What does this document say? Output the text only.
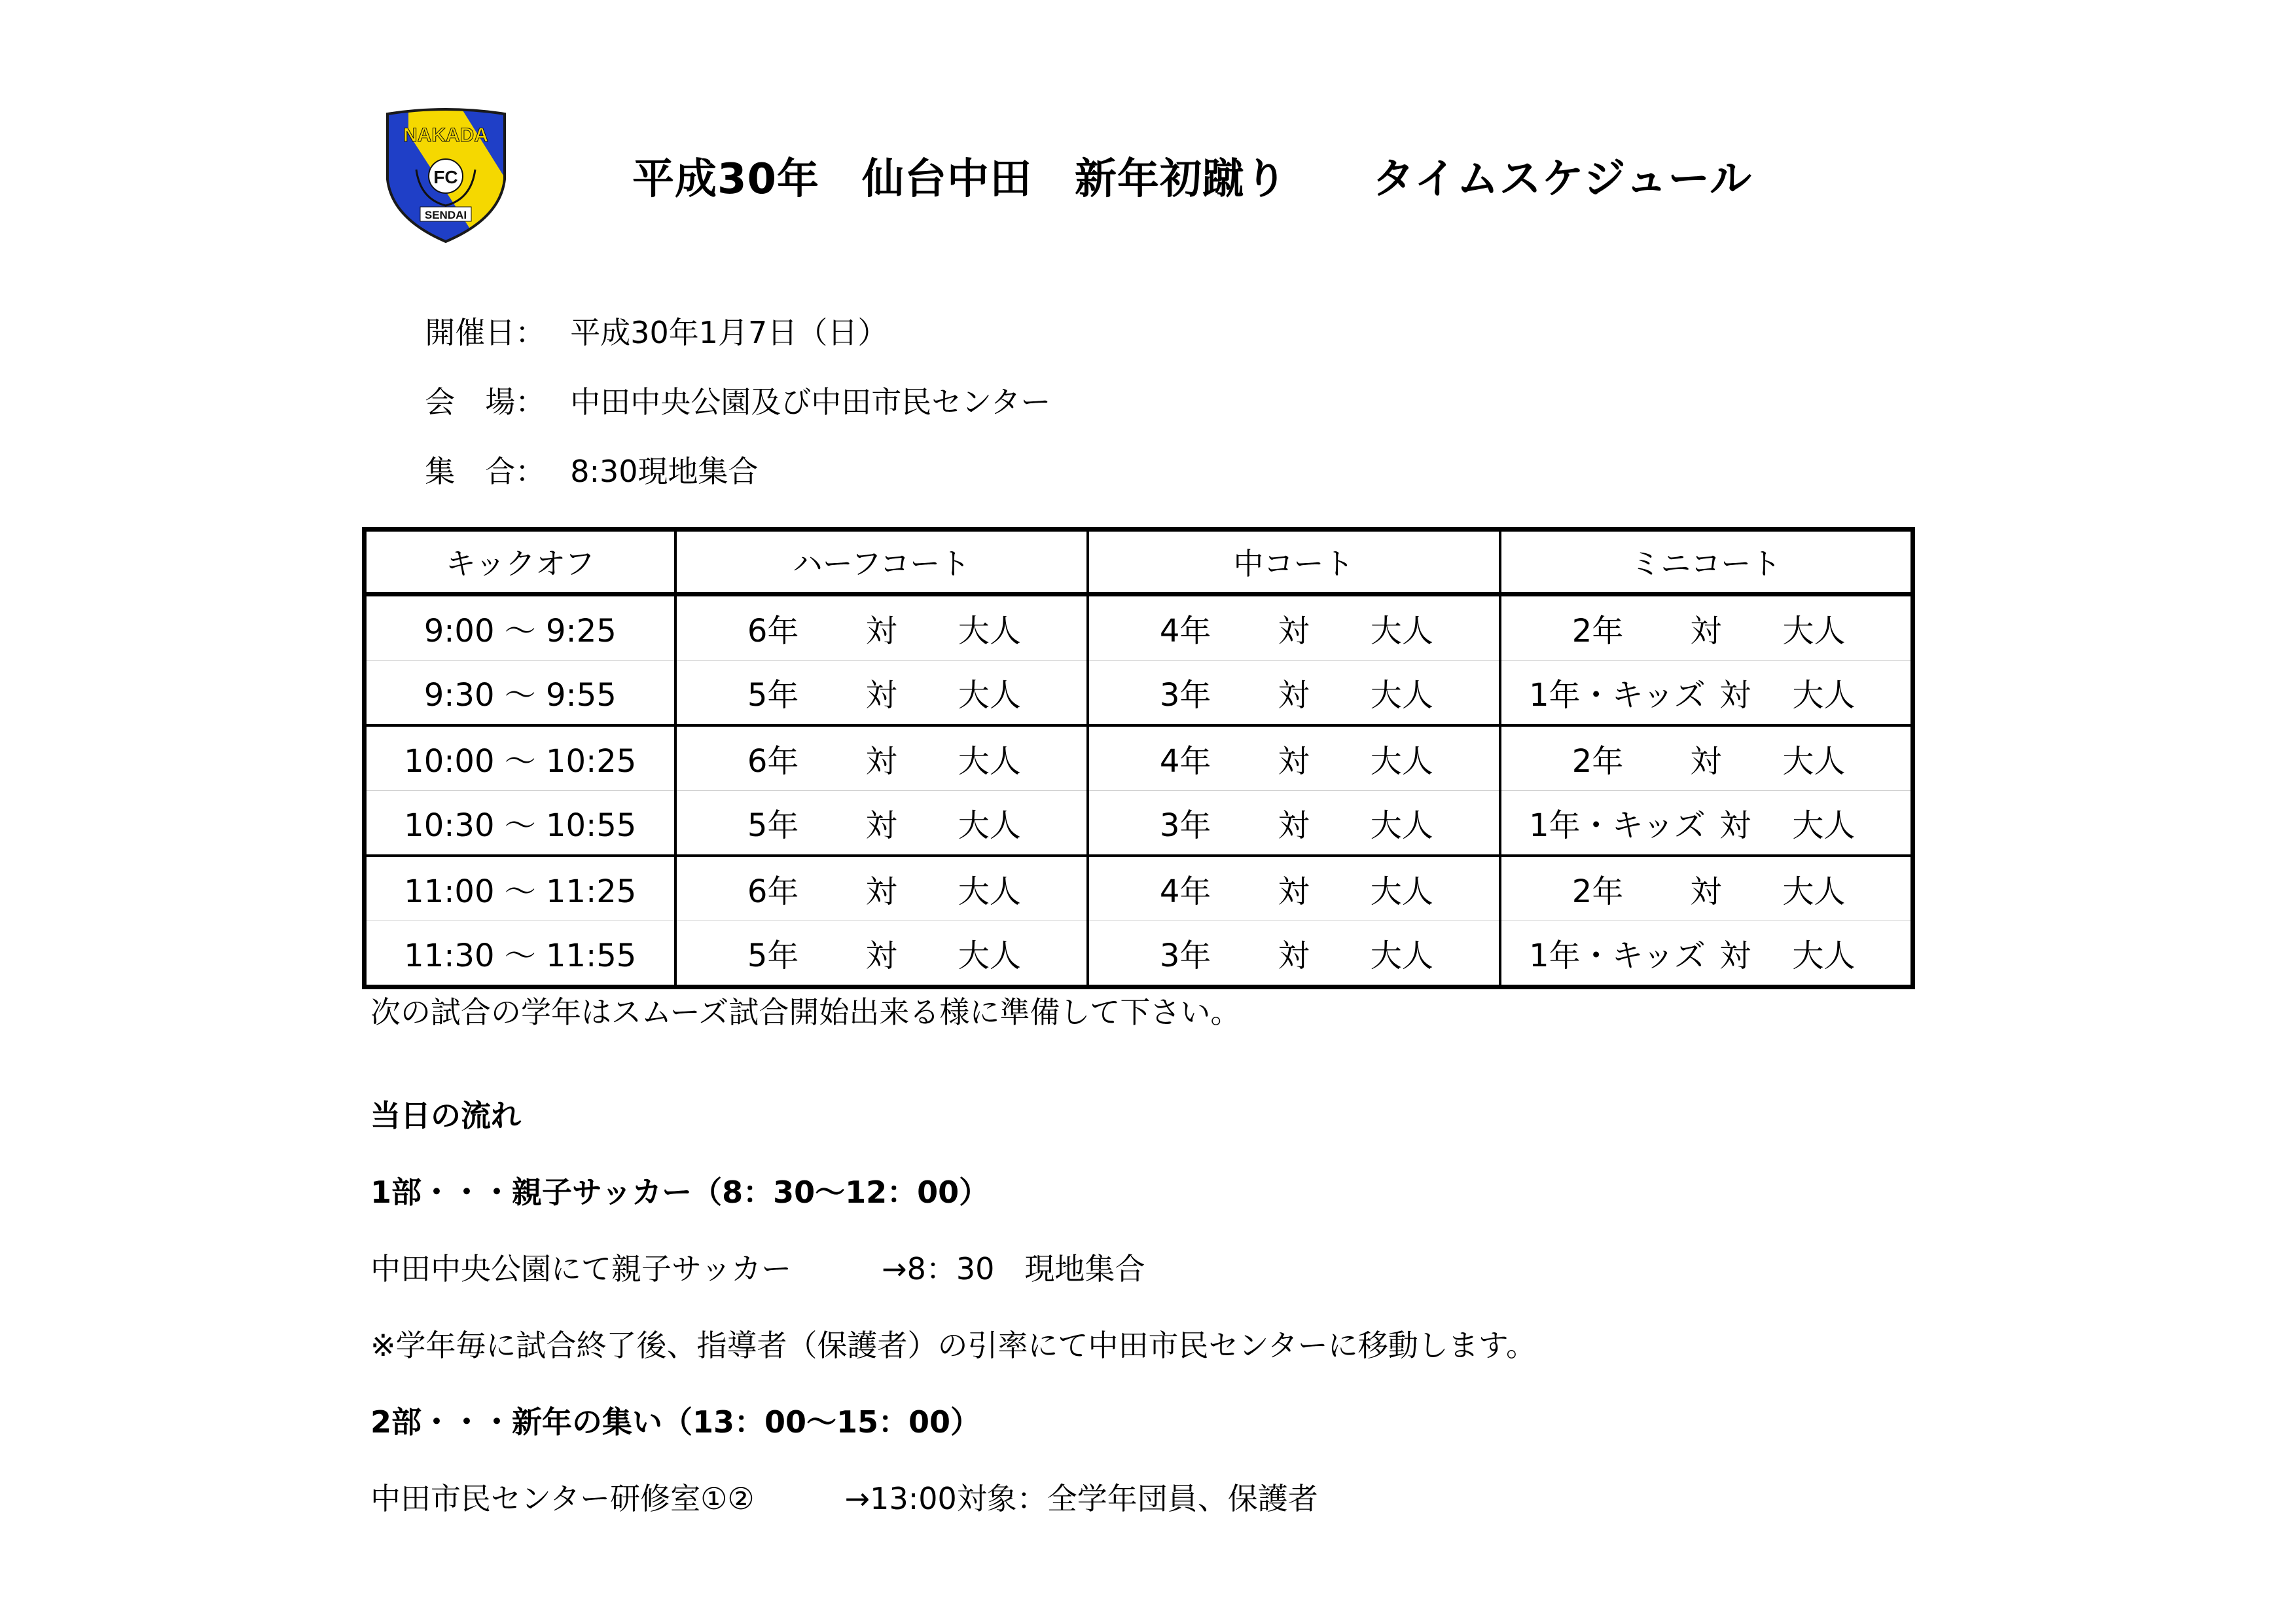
NAKADA
FC
SENDAI
平成30年　仙台中田　新年初蹴り　　タイムスケジュール

開催日： 平成30年1月7日（日）

会　場： 中田中央公園及び中田市民センター

集　合： 8:30現地集合

キックオフ	ハーフコート	中コート	ミニコート
9:00 ～ 9:25	6年 対 大人	4年 対 大人	2年 対 大人

9:30 ～ 9:55	5年 対 大人	3年 対 大人	1年・キッズ 対 大人

10:00 ～ 10:25	6年 対 大人	4年 対 大人	2年 対 大人

10:30 ～ 10:55	5年 対 大人	3年 対 大人	1年・キッズ 対 大人

11:00 ～ 11:25	6年 対 大人	4年 対 大人	2年 対 大人

11:30 ～ 11:55	5年 対 大人	3年 対 大人	1年・キッズ 対 大人
次の試合の学年はスムーズ試合開始出来る様に準備して下さい。
当日の流れ
1部・・・親子サッカー（8：30～12：00）
中田中央公園にて親子サッカー　　　→8：30　現地集合
※学年毎に試合終了後、指導者（保護者）の引率にて中田市民センターに移動します。
2部・・・新年の集い（13：00～15：00）
中田市民センター研修室①②　　　→13:00対象：全学年団員、保護者
